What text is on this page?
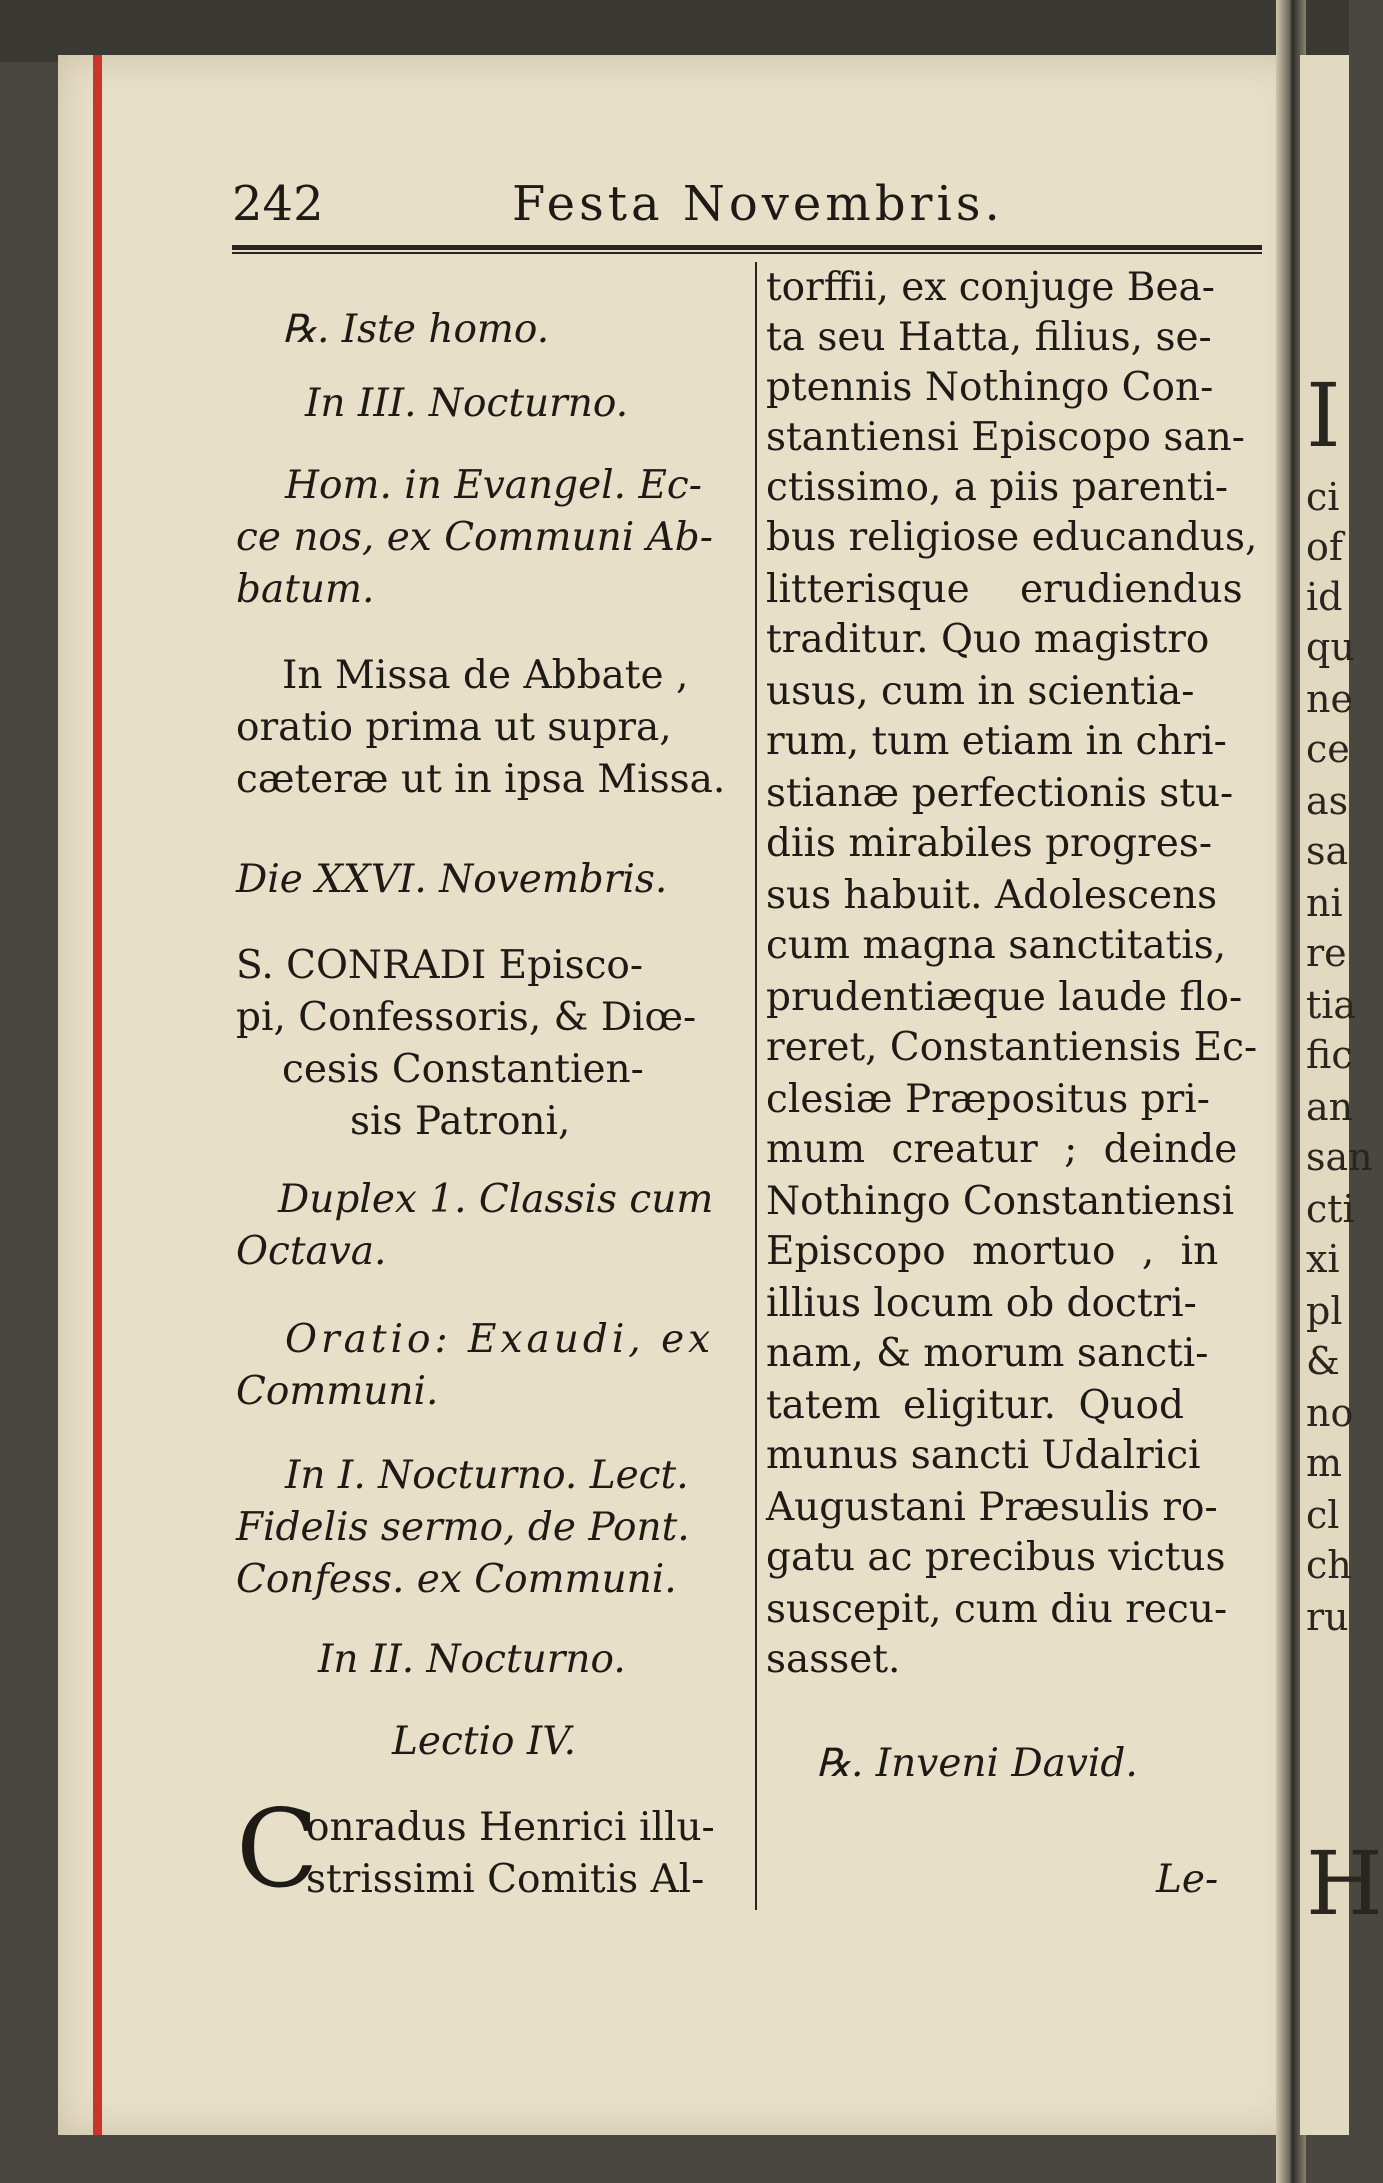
I
ci
of
id
qu
ne
ce
as
sa
ni
re
tia
fic
an
san
cti
xi
pl
&
no
m
cl
ch
ru
H
242	Festa Novembris.
℞. Iste homo.
In III. Nocturno.
Hom. in Evangel. Ec-
ce nos, ex Communi Ab-
batum.
In Missa de Abbate ,
oratio prima ut supra,
cæteræ ut in ipsa Missa.
Die XXVI. Novembris.
S. CONRADI Episco-
pi, Confessoris, & Diœ-
cesis Constantien-
sis Patroni,
Duplex 1. Classis cum
Octava.
Oratio: Exaudi, ex
Communi.
In I. Nocturno. Lect.
Fidelis sermo, de Pont.
Confess. ex Communi.
In II. Nocturno.
Lectio IV.
C
onradus Henrici illu-
strissimi Comitis Al-
torffii, ex conjuge Bea-
ta seu Hatta, filius, se-
ptennis Nothingo Con-
stantiensi Episcopo san-
ctissimo, a piis parenti-
bus religiose educandus,
litterisque erudiendus
traditur. Quo magistro
usus, cum in scientia-
rum, tum etiam in chri-
stianæ perfectionis stu-
diis mirabiles progres-
sus habuit. Adolescens
cum magna sanctitatis,
prudentiæque laude flo-
reret, Constantiensis Ec-
clesiæ Præpositus pri-
mum creatur ; deinde
Nothingo Constantiensi
Episcopo mortuo , in
illius locum ob doctri-
nam, & morum sancti-
tatem eligitur. Quod
munus sancti Udalrici
Augustani Præsulis ro-
gatu ac precibus victus
suscepit, cum diu recu-
sasset.
℞. Inveni David.
Le-
